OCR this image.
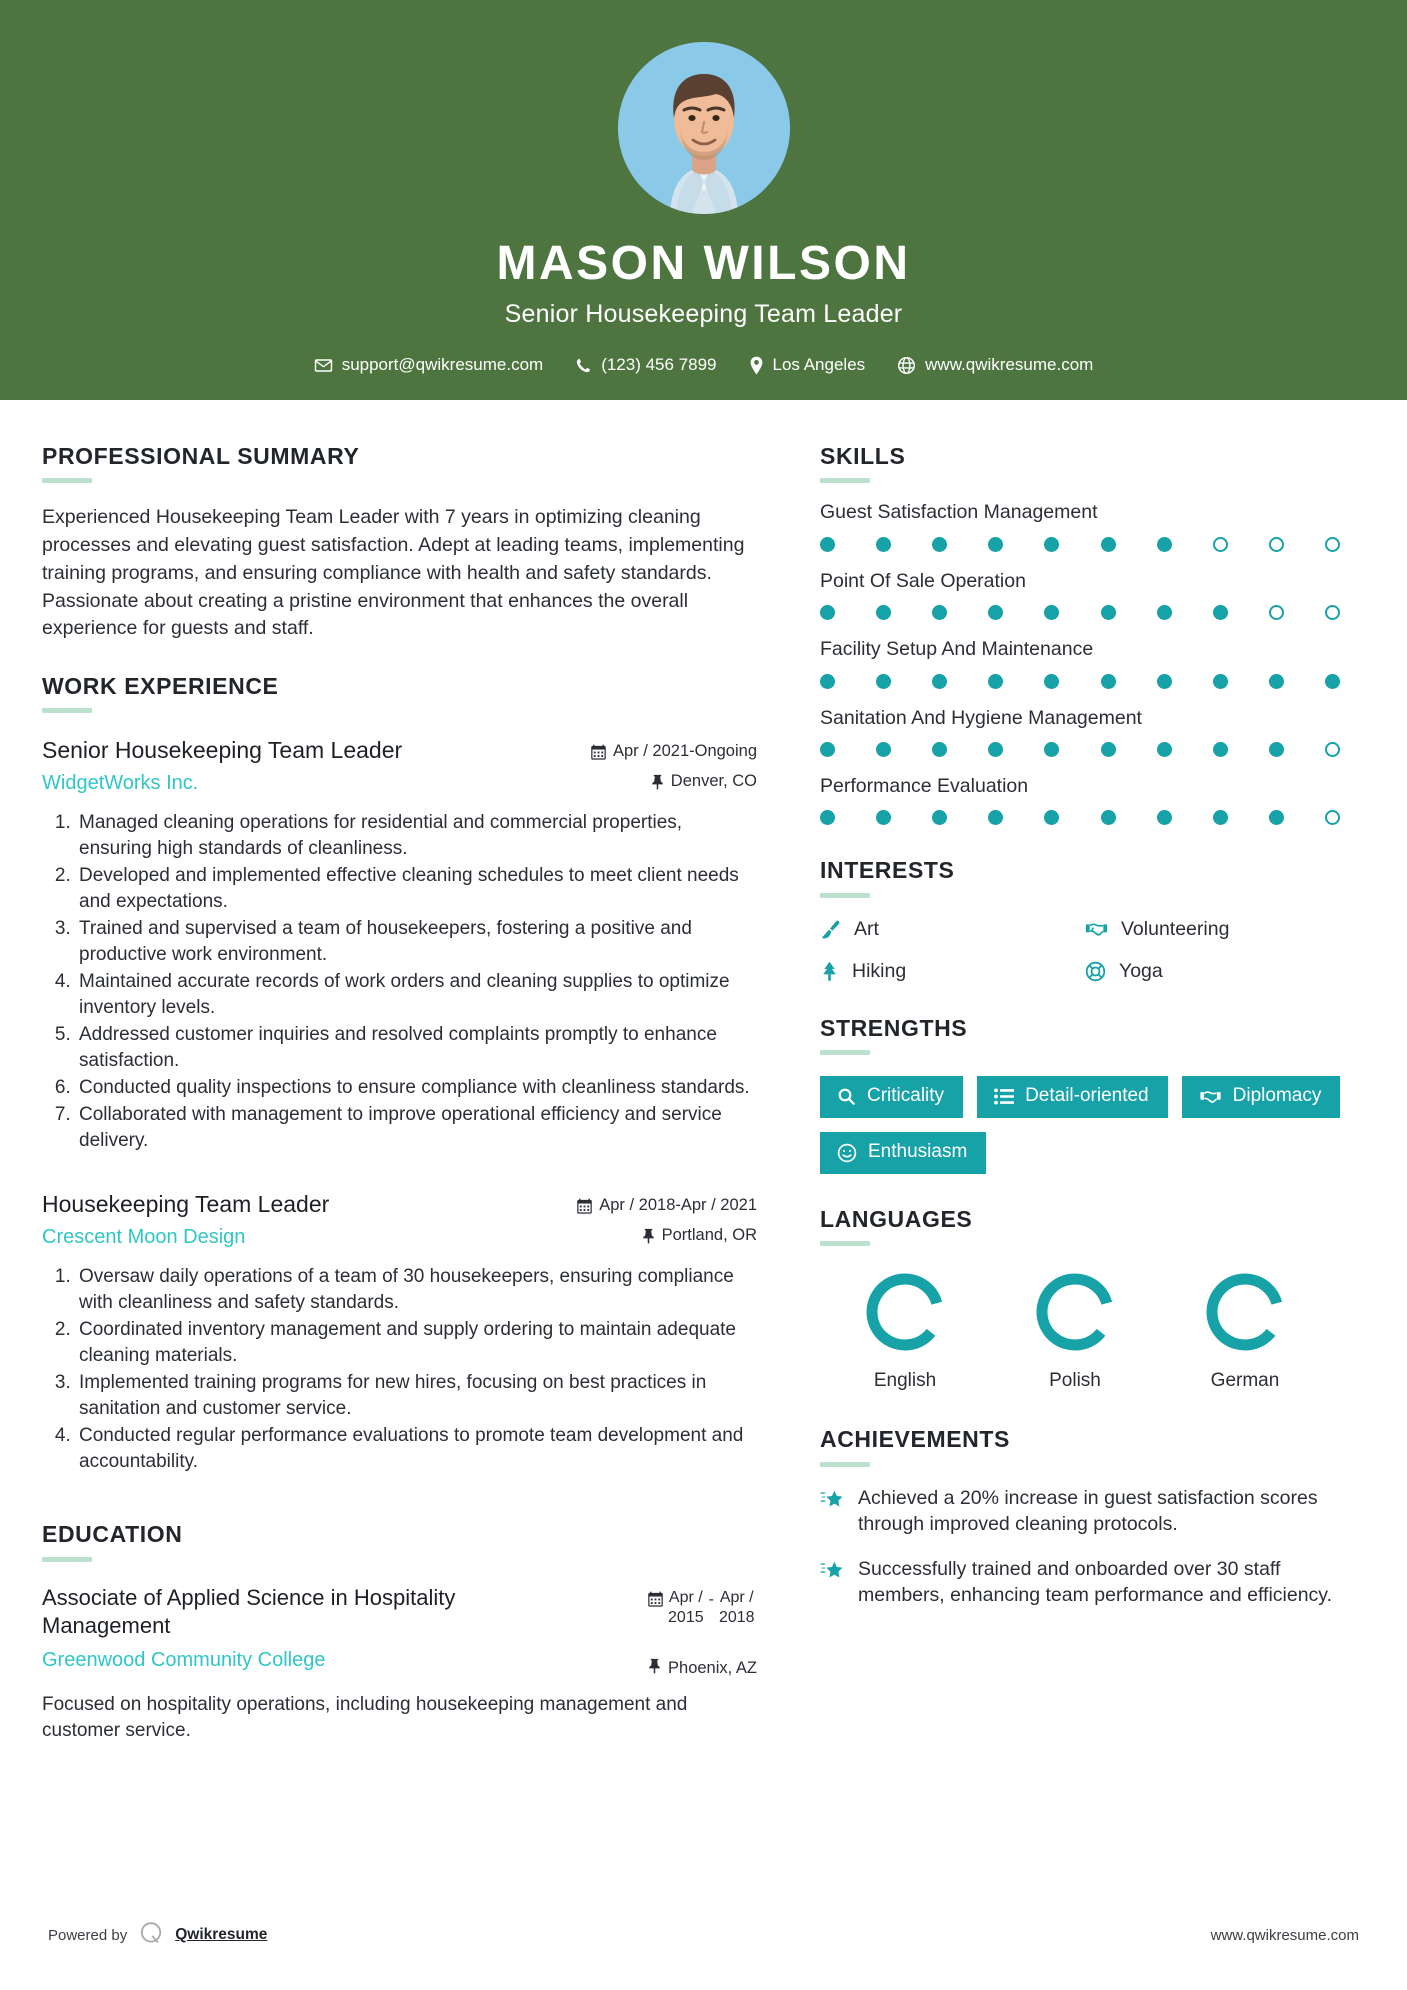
MASON WILSON
Senior Housekeeping Team Leader
support@qwikresume.com	(123) 456 7899	Los Angeles	www.qwikresume.com
PROFESSIONAL SUMMARY

Experienced Housekeeping Team Leader with 7 years in optimizing cleaning processes and elevating guest satisfaction. Adept at leading teams, implementing training programs, and ensuring compliance with health and safety standards. Passionate about creating a pristine environment that enhances the overall experience for guests and staff.

WORK EXPERIENCE
Senior Housekeeping Team Leader
WidgetWorks Inc.
Apr / 2021-Ongoing
Denver, CO
1. Managed cleaning operations for residential and commercial properties, ensuring high standards of cleanliness.
2. Developed and implemented effective cleaning schedules to meet client needs and expectations.
3. Trained and supervised a team of housekeepers, fostering a positive and productive work environment.
4. Maintained accurate records of work orders and cleaning supplies to optimize inventory levels.
5. Addressed customer inquiries and resolved complaints promptly to enhance satisfaction.
6. Conducted quality inspections to ensure compliance with cleanliness standards.
7. Collaborated with management to improve operational efficiency and service delivery.
Housekeeping Team Leader
Crescent Moon Design
Apr / 2018-Apr / 2021
Portland, OR
1. Oversaw daily operations of a team of 30 housekeepers, ensuring compliance with cleanliness and safety standards.
2. Coordinated inventory management and supply ordering to maintain adequate cleaning materials.
3. Implemented training programs for new hires, focusing on best practices in sanitation and customer service.
4. Conducted regular performance evaluations to promote team development and accountability.
EDUCATION
Associate of Applied Science in Hospitality Management
Greenwood Community College
Apr /
2015
- Apr /
2018
Phoenix, AZ

Focused on hospitality operations, including housekeeping management and customer service.

SKILLS
Guest Satisfaction Management
Point Of Sale Operation
Facility Setup And Maintenance
Sanitation And Hygiene Management
Performance Evaluation
INTERESTS
Art	Volunteering
Hiking	Yoga
STRENGTHS
Criticality	Detail-oriented	Diplomacy
Enthusiasm
LANGUAGES
English	Polish	German
ACHIEVEMENTS
Achieved a 20% increase in guest satisfaction scores through improved cleaning protocols.
Successfully trained and onboarded over 30 staff members, enhancing team performance and efficiency.
Powered by	Qwikresume	www.qwikresume.com
